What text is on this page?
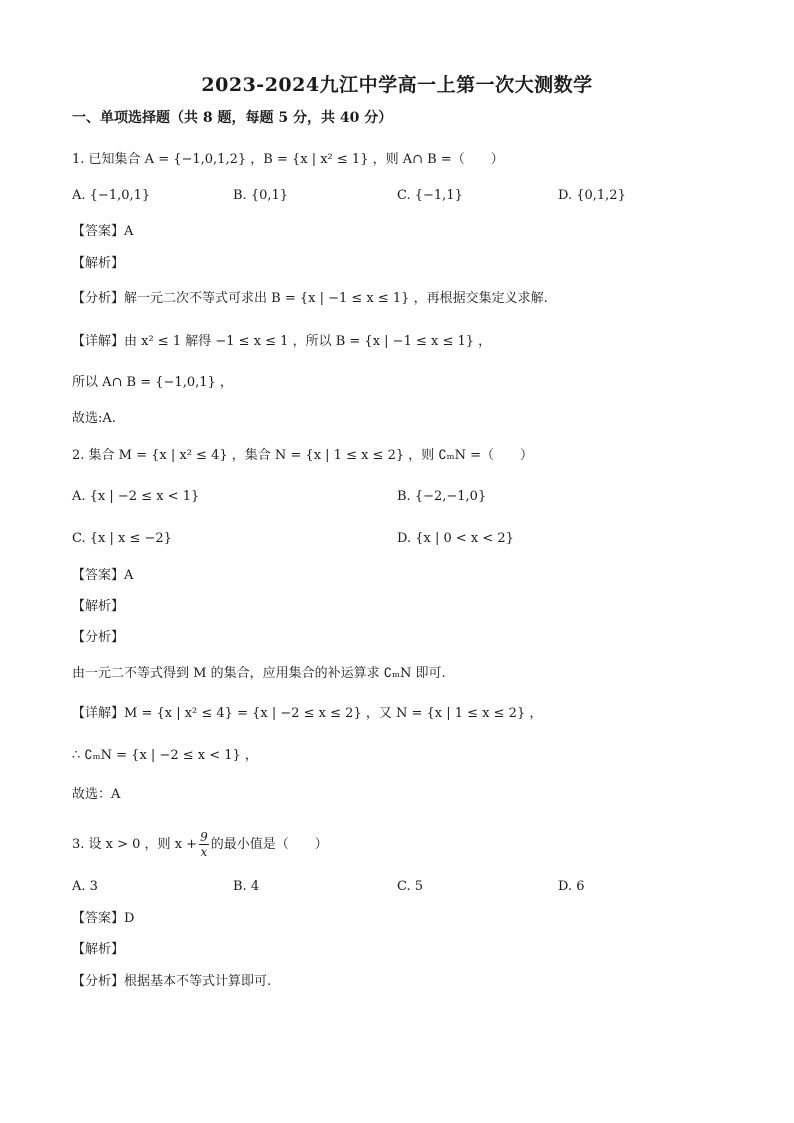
2023-2024九江中学高一上第一次大测数学
一、单项选择题（共 8 题，每题 5 分，共 40 分）
1. 已知集合 A = {−1,0,1,2} ，B = {x | x² ≤ 1} ，则 A∩ B =（　　）
A. {−1,0,1}	B. {0,1}	C. {−1,1}	D. {0,1,2}
【答案】A
【解析】
【分析】解一元二次不等式可求出 B = {x | −1 ≤ x ≤ 1} ，再根据交集定义求解.
【详解】由 x² ≤ 1 解得 −1 ≤ x ≤ 1 ，所以 B = {x | −1 ≤ x ≤ 1} ，
所以 A∩ B = {−1,0,1} ，
故选:A.
2. 集合 M = {x | x² ≤ 4} ，集合 N = {x | 1 ≤ x ≤ 2} ，则 ∁ₘN =（　　）
A. {x | −2 ≤ x < 1}	B. {−2,−1,0}
C. {x | x ≤ −2}	D. {x | 0 < x < 2}
【答案】A
【解析】
【分析】
由一元二不等式得到 M 的集合，应用集合的补运算求 ∁ₘN 即可.
【详解】M = {x | x² ≤ 4} = {x | −2 ≤ x ≤ 2} ，又 N = {x | 1 ≤ x ≤ 2} ，
∴ ∁ₘN = {x | −2 ≤ x < 1} ，
故选：A
3. 设 x > 0 ，则 $x + \frac{9}{x}$ 的最小值是（　　）
A. 3	B. 4	C. 5	D. 6
【答案】D
【解析】
【分析】根据基本不等式计算即可.
